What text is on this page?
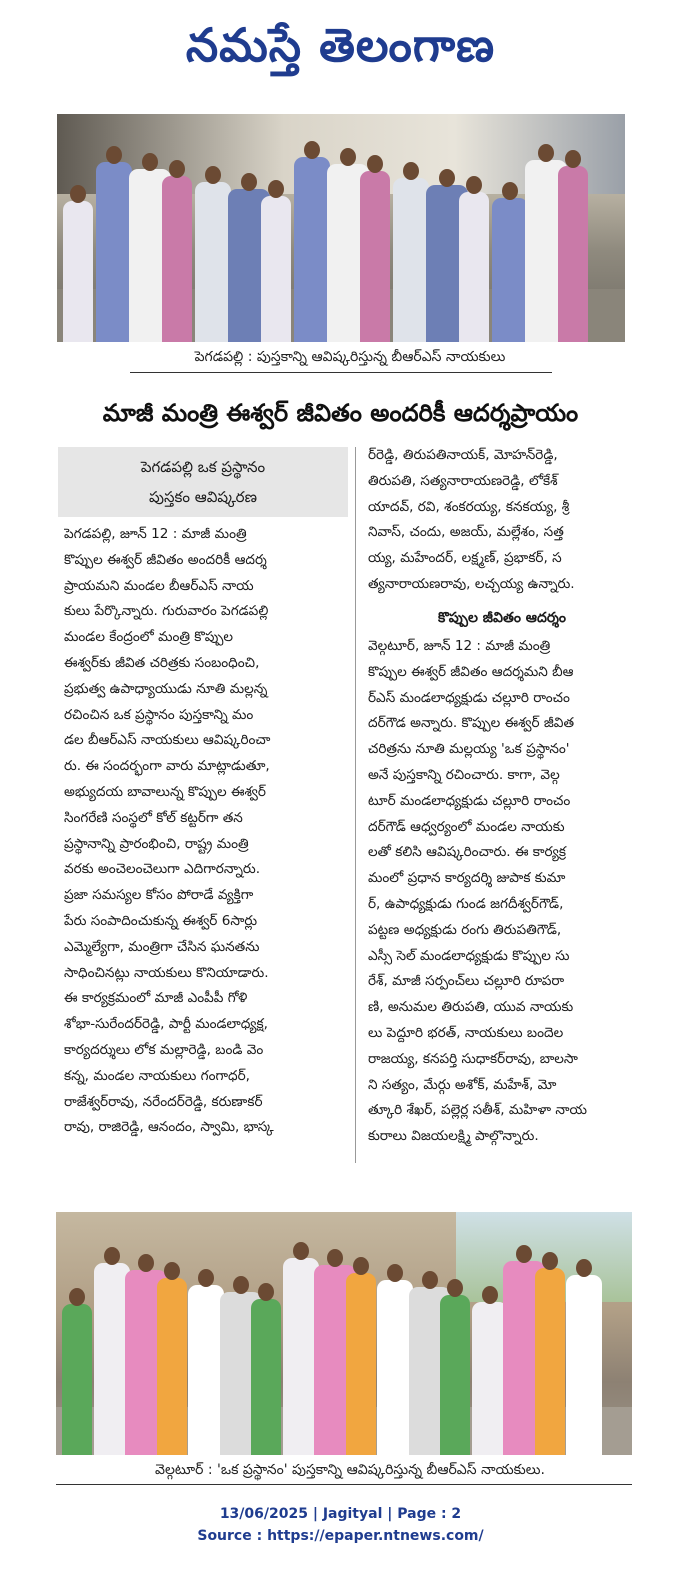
నమస్తే తెలంగాణ
పెగడపల్లి : పుస్తకాన్ని ఆవిష్కరిస్తున్న బీఆర్ఎస్ నాయకులు
మాజీ మంత్రి ఈశ్వర్ జీవితం అందరికీ ఆదర్శప్రాయం
పెగడపల్లి ఒక ప్రస్థానం
పుస్తకం ఆవిష్కరణ

పెగడపల్లి, జూన్ 12 : మాజీ మంత్రి

కొప్పుల ఈశ్వర్ జీవితం అందరికీ ఆదర్శ

ప్రాయమని మండల బీఆర్ఎస్ నాయ

కులు పేర్కొన్నారు. గురువారం పెగడపల్లి

మండల కేంద్రంలో మంత్రి కొప్పుల

ఈశ్వర్‌కు జీవిత చరిత్రకు సంబంధించి,

ప్రభుత్వ ఉపాధ్యాయుడు నూతి మల్లన్న

రచించిన ఒక ప్రస్థానం పుస్తకాన్ని మం

డల బీఆర్ఎస్ నాయకులు ఆవిష్కరించా

రు. ఈ సందర్భంగా వారు మాట్లాడుతూ,

అభ్యుదయ బావాలున్న కొప్పుల ఈశ్వర్

సింగరేణి సంస్థలో కోల్ కట్టర్‌గా తన

ప్రస్థానాన్ని ప్రారంభించి, రాష్ట్ర మంత్రి

వరకు అంచెలంచెలుగా ఎదిగారన్నారు.

ప్రజా సమస్యల కోసం పోరాడే వ్యక్తిగా

పేరు సంపాదించుకున్న ఈశ్వర్ 6సార్లు

ఎమ్మెల్యేగా, మంత్రిగా చేసిన ఘనతను

సాధించినట్లు నాయకులు కొనియాడారు.

ఈ కార్యక్రమంలో మాజీ ఎంపీపీ గోళి

శోభా-సురేందర్‌రెడ్డి, పార్టీ మండలాధ్యక్ష,

కార్యదర్శులు లోక మల్లారెడ్డి, బండి వెం

కన్న, మండల నాయకులు గంగాధర్,

రాజేశ్వర్‌రావు, నరేందర్‌రెడ్డి, కరుణాకర్

రావు, రాజిరెడ్డి, ఆనందం, స్వామి, భాస్క

ర్‌రెడ్డి, తిరుపతినాయక్, మోహన్‌రెడ్డి,

తిరుపతి, సత్యనారాయణరెడ్డి, లోకేశ్

యాదవ్, రవి, శంకరయ్య, కనకయ్య, శ్రీ

నివాస్, చందు, అజయ్, మల్లేశం, సత్త

య్య, మహేందర్, లక్ష్మణ్, ప్రభాకర్, స

త్యనారాయణరావు, లచ్చయ్య ఉన్నారు.

కొప్పుల జీవితం ఆదర్శం

వెల్గటూర్, జూన్ 12 : మాజీ మంత్రి

కొప్పుల ఈశ్వర్ జీవితం ఆదర్శమని బీఆ

ర్ఎస్ మండలాధ్యక్షుడు చల్లూరి రాంచం

దర్‌గౌడ అన్నారు. కొప్పుల ఈశ్వర్ జీవిత

చరిత్రను నూతి మల్లయ్య 'ఒక ప్రస్థానం'

అనే పుస్తకాన్ని రచించారు. కాగా, వెల్గ

టూర్ మండలాధ్యక్షుడు చల్లూరి రాంచం

దర్‌గౌడ్ ఆధ్వర్యంలో మండల నాయకు

లతో కలిసి ఆవిష్కరించారు. ఈ కార్యక్ర

మంలో ప్రధాన కార్యదర్శి జుపాక కుమా

ర్, ఉపాధ్యక్షుడు గుండ జగదీశ్వర్‌గౌడ్,

పట్టణ అధ్యక్షుడు రంగు తిరుపతిగౌడ్,

ఎస్సీ సెల్ మండలాధ్యక్షుడు కొప్పుల సు

రేశ్, మాజీ సర్పంచ్‌లు చల్లూరి రూపరా

ణి, అనుమల తిరుపతి, యువ నాయకు

లు పెద్దూరి భరత్, నాయకులు బందెల

రాజయ్య, కనపర్తి సుధాకర్‌రావు, బాలసా

ని సత్యం, మేర్గు అశోక్, మహేశ్, మో

త్కూరి శేఖర్, పల్లెర్ల సతీశ్, మహిళా నాయ

కురాలు విజయలక్ష్మి పాల్గొన్నారు.

వెల్గటూర్ : 'ఒక ప్రస్థానం' పుస్తకాన్ని ఆవిష్కరిస్తున్న బీఆర్ఎస్ నాయకులు.
13/06/2025 | Jagityal | Page : 2
Source : https://epaper.ntnews.com/
